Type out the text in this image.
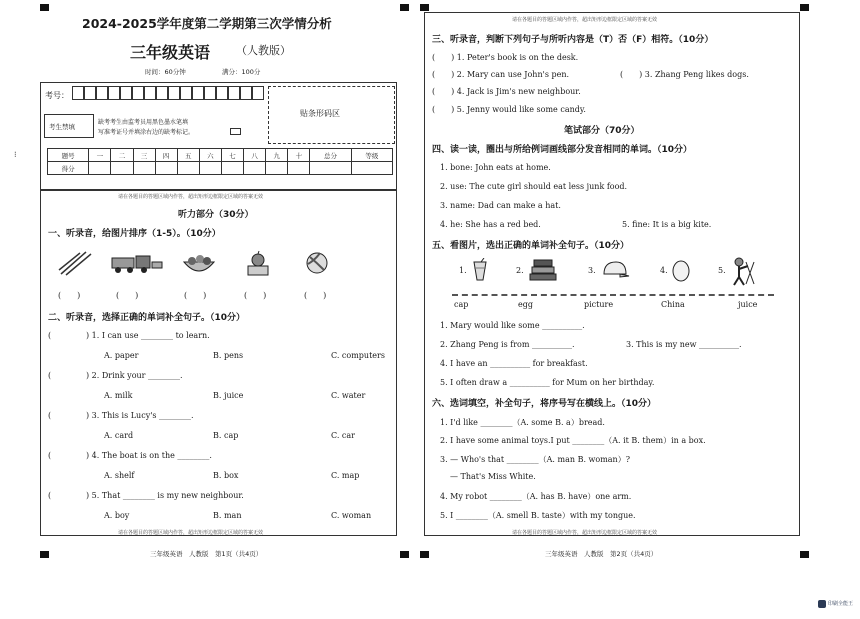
2024-2025学年度第二学期第三次学情分析
三年级英语 （人教版）
时间：60分钟	满分：100分
考号：
贴条形码区
考生禁填
缺考考生由监考员用黑色墨水笔填
写准考证号并填涂右边的缺考标记。
题号	一	二	三	四	五	六	七	八	九	十	总分	等级
得分												
请在各题目的答题区域内作答，超出矩形边框限定区域的答案无效
听力部分（30分）
一、听录音，给图片排序（1-5）。（10分）
(　　)	(　　)	(　　)	(　　)	(　　)
二、听录音，选择正确的单词补全句子。（10分）
(	) 1. I can use ________ to learn.
A. paper	B. pens	C. computers
(	) 2. Drink your ________.
A. milk	B. juice	C. water
(	) 3. This is Lucy's ________.
A. card	B. cap	C. car
(	) 4. The boat is on the ________.
A. shelf	B. box	C. map
(	) 5. That ________ is my new neighbour.
A. boy	B. man	C. woman
请在各题目的答题区域内作答，超出矩形边框限定区域的答案无效
三年级英语　人教版　第1页（共4页）
请在各题目的答题区域内作答，超出矩形边框限定区域的答案无效
三、听录音，判断下列句子与所听内容是（T）否（F）相符。（10分）
(　　) 1. Peter's book is on the desk.
(　　) 2. Mary can use John's pen.	(　　) 3. Zhang Peng likes dogs.
(　　) 4. Jack is Jim's new neighbour.
(　　) 5. Jenny would like some candy.
笔试部分（70分）
四、读一读，圈出与所给例词画线部分发音相同的单词。（10分）
1. bone: John eats at home.
2. use: The cute girl should eat less junk food.
3. name: Dad can make a hat.
4. he: She has a red bed.	5. fine: It is a big kite.
五、看图片，选出正确的单词补全句子。（10分）
1.	2.	3.	4.	5.
cap	egg	picture	China	juice
1. Mary would like some __________.
2. Zhang Peng is from __________.	3. This is my new __________.
4. I have an __________ for breakfast.
5. I often draw a __________ for Mum on her birthday.
六、选词填空，补全句子，将序号写在横线上。（10分）
1. I'd like ________（A. some B. a）bread.
2. I have some animal toys.I put ________（A. it B. them）in a box.
3. — Who's that ________（A. man B. woman）?
— That's Miss White.
4. My robot ________（A. has B. have）one arm.
5. I ________（A. smell B. taste）with my tongue.
请在各题目的答题区域内作答，超出矩形边框限定区域的答案无效
三年级英语　人教版　第2页（共4页）
⁝
印刷全能王
